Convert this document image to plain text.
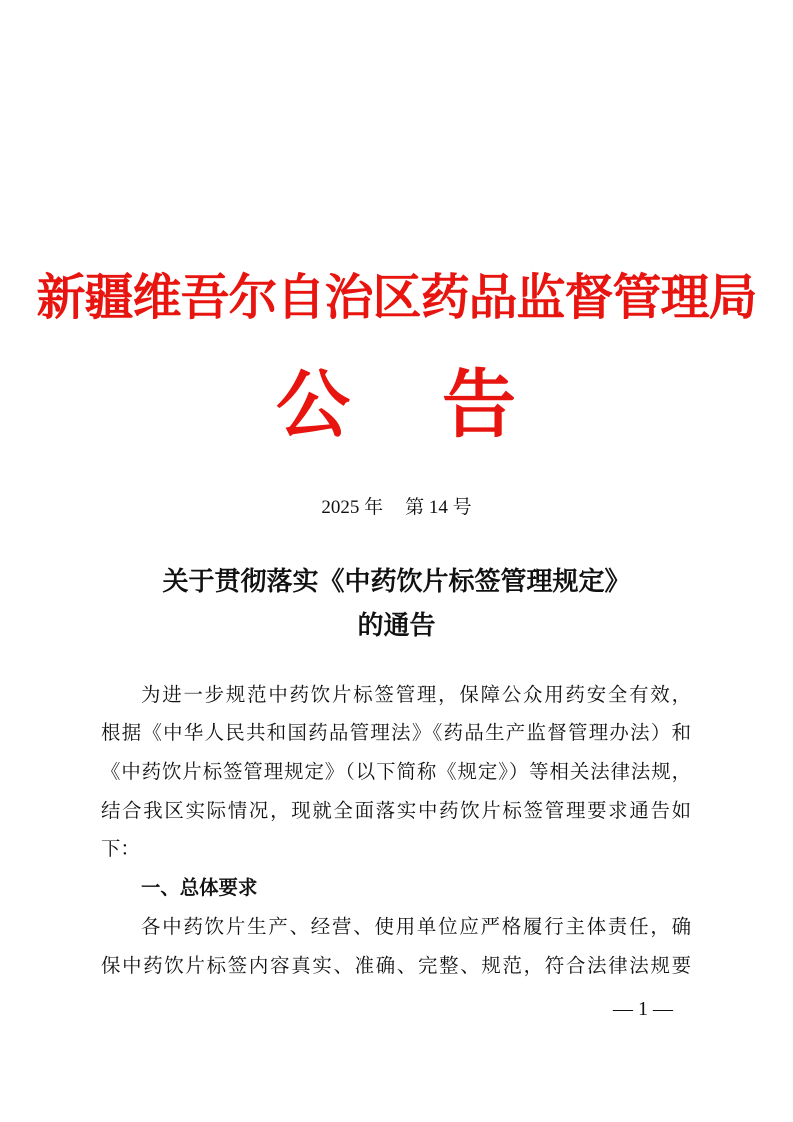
新疆维吾尔自治区药品监督管理局
公 告
2025 年 第 14 号
关于贯彻落实《中药饮片标签管理规定》
的通告
为进一步规范中药饮片标签管理，保障公众用药安全有效，
根据《中华人民共和国药品管理法》《药品生产监督管理办法）和
《中药饮片标签管理规定》（以下简称《规定》）等相关法律法规，
结合我区实际情况，现就全面落实中药饮片标签管理要求通告如
下：
一、总体要求
各中药饮片生产、经营、使用单位应严格履行主体责任，确
保中药饮片标签内容真实、准确、完整、规范，符合法律法规要
— 1 —
